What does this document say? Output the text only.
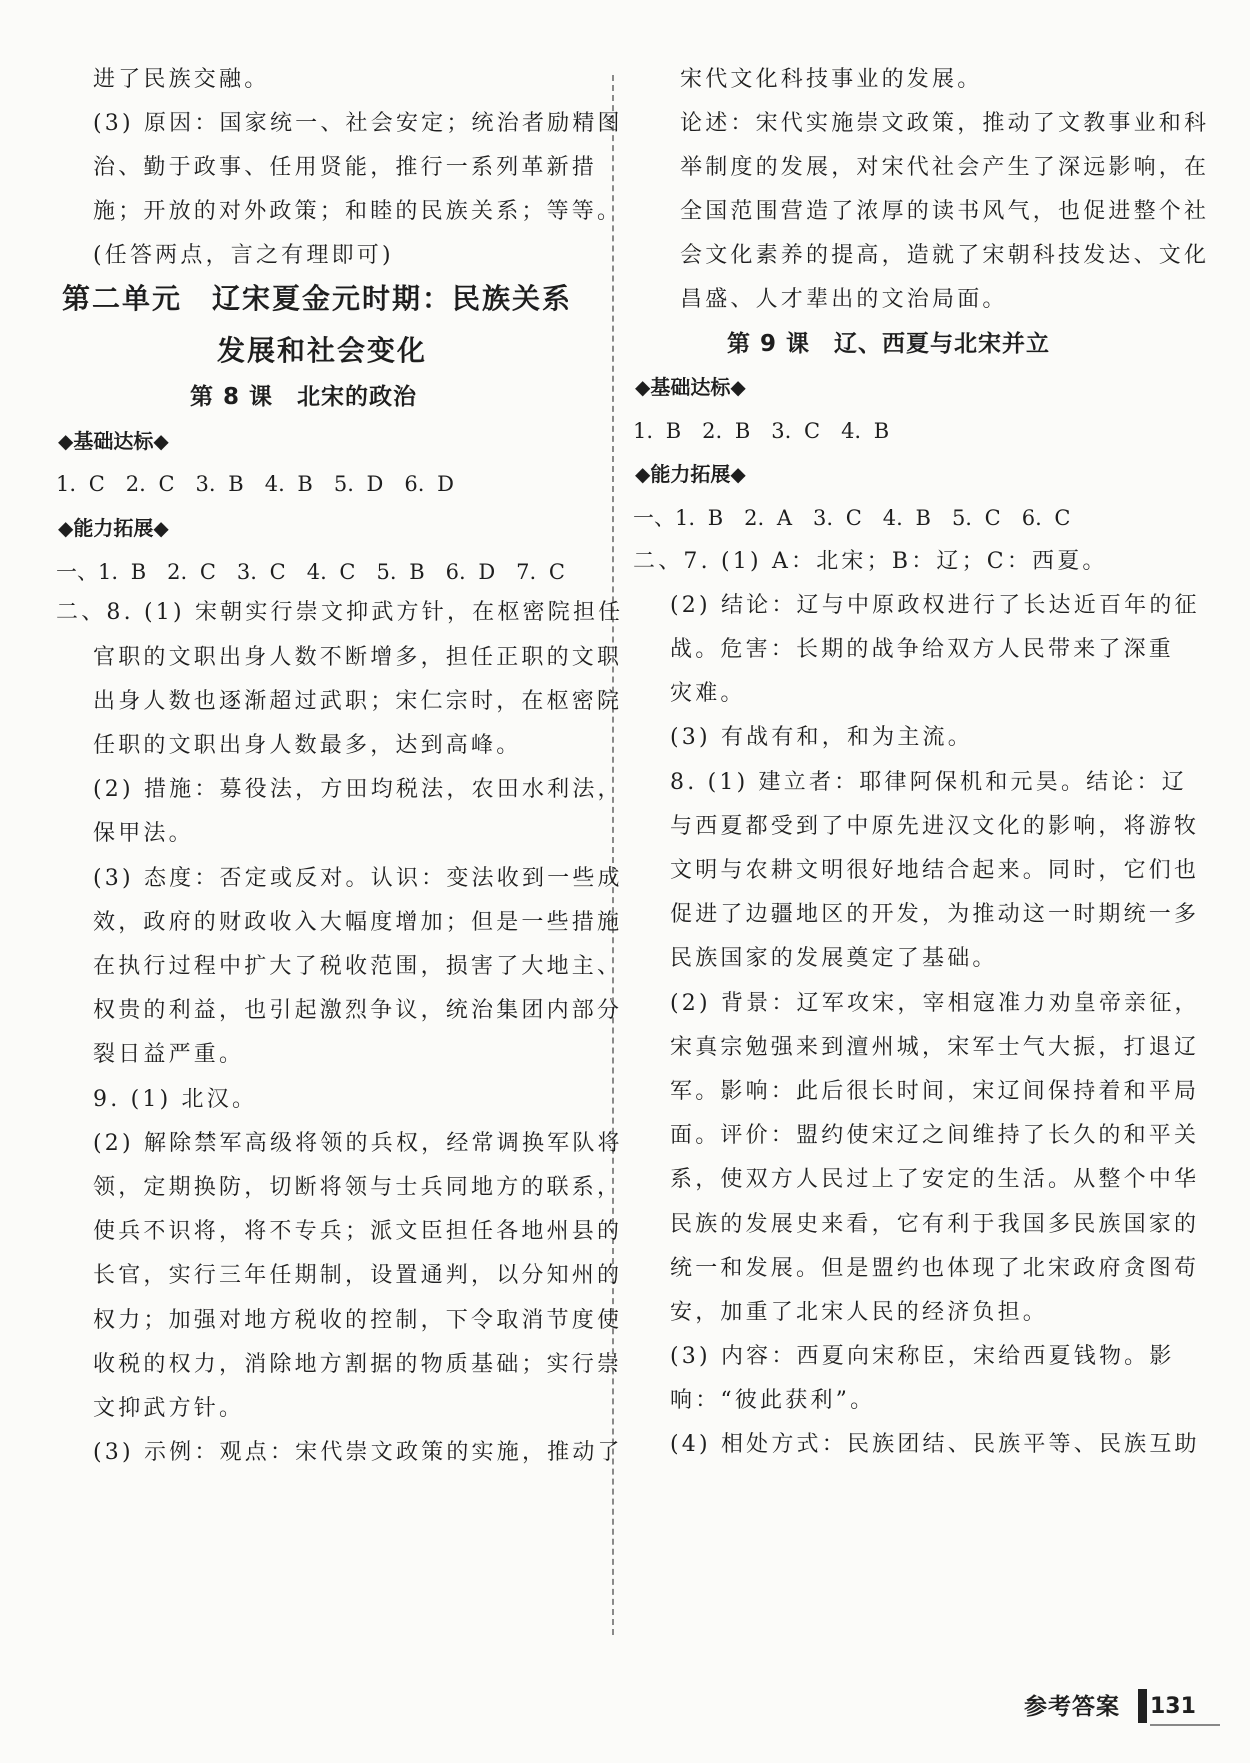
进了民族交融。
(3) 原因：国家统一、社会安定；统治者励精图
治、勤于政事、任用贤能，推行一系列革新措
施；开放的对外政策；和睦的民族关系；等等。
(任答两点，言之有理即可)
第二单元　辽宋夏金元时期：民族关系
发展和社会变化
第 8 课　北宋的政治
◆基础达标◆
1. C　2. C　3. B　4. B　5. D　6. D
◆能力拓展◆
一、1. B　2. C　3. C　4. C　5. B　6. D　7. C
二、8. (1) 宋朝实行崇文抑武方针，在枢密院担任
官职的文职出身人数不断增多，担任正职的文职
出身人数也逐渐超过武职；宋仁宗时，在枢密院
任职的文职出身人数最多，达到高峰。
(2) 措施：募役法，方田均税法，农田水利法，
保甲法。
(3) 态度：否定或反对。认识：变法收到一些成
效，政府的财政收入大幅度增加；但是一些措施
在执行过程中扩大了税收范围，损害了大地主、
权贵的利益，也引起激烈争议，统治集团内部分
裂日益严重。
9. (1) 北汉。
(2) 解除禁军高级将领的兵权，经常调换军队将
领，定期换防，切断将领与士兵同地方的联系，
使兵不识将，将不专兵；派文臣担任各地州县的
长官，实行三年任期制，设置通判，以分知州的
权力；加强对地方税收的控制，下令取消节度使
收税的权力，消除地方割据的物质基础；实行崇
文抑武方针。
(3) 示例：观点：宋代崇文政策的实施，推动了
宋代文化科技事业的发展。
论述：宋代实施崇文政策，推动了文教事业和科
举制度的发展，对宋代社会产生了深远影响，在
全国范围营造了浓厚的读书风气，也促进整个社
会文化素养的提高，造就了宋朝科技发达、文化
昌盛、人才辈出的文治局面。
第 9 课　辽、西夏与北宋并立
◆基础达标◆
1. B　2. B　3. C　4. B
◆能力拓展◆
一、1. B　2. A　3. C　4. B　5. C　6. C
二、7. (1) A：北宋；B：辽；C：西夏。
(2) 结论：辽与中原政权进行了长达近百年的征
战。危害：长期的战争给双方人民带来了深重
灾难。
(3) 有战有和，和为主流。
8. (1) 建立者：耶律阿保机和元昊。结论：辽
与西夏都受到了中原先进汉文化的影响，将游牧
文明与农耕文明很好地结合起来。同时，它们也
促进了边疆地区的开发，为推动这一时期统一多
民族国家的发展奠定了基础。
(2) 背景：辽军攻宋，宰相寇准力劝皇帝亲征，
宋真宗勉强来到澶州城，宋军士气大振，打退辽
军。影响：此后很长时间，宋辽间保持着和平局
面。评价：盟约使宋辽之间维持了长久的和平关
系，使双方人民过上了安定的生活。从整个中华
民族的发展史来看，它有利于我国多民族国家的
统一和发展。但是盟约也体现了北宋政府贪图苟
安，加重了北宋人民的经济负担。
(3) 内容：西夏向宋称臣，宋给西夏钱物。影
响：“彼此获利”。
(4) 相处方式：民族团结、民族平等、民族互助
参考答案 131
